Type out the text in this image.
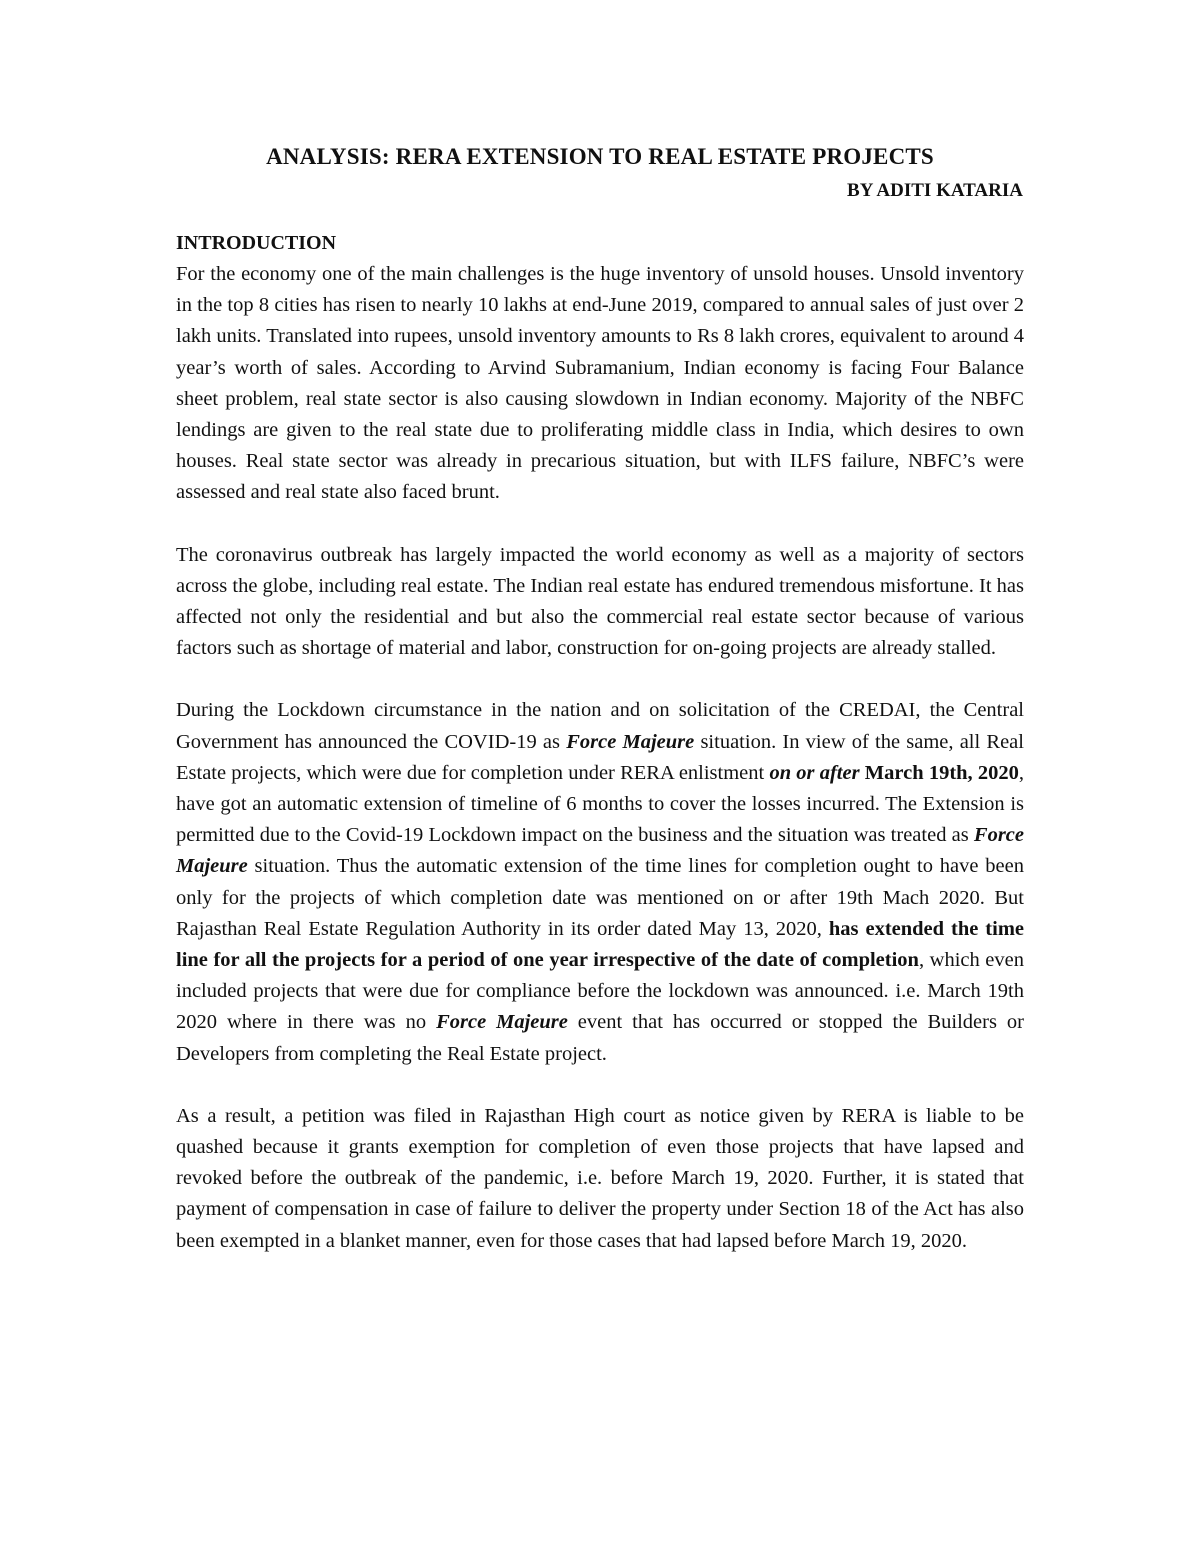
ANALYSIS: RERA EXTENSION TO REAL ESTATE PROJECTS
BY ADITI KATARIA
INTRODUCTION

For the economy one of the main challenges is the huge inventory of unsold houses. Unsold inventory in the top 8 cities has risen to nearly 10 lakhs at end-June 2019, compared to annual sales of just over 2 lakh units. Translated into rupees, unsold inventory amounts to Rs 8 lakh crores, equivalent to around 4 year’s worth of sales. According to Arvind Subramanium, Indian economy is facing Four Balance sheet problem, real state sector is also causing slowdown in Indian economy. Majority of the NBFC lendings are given to the real state due to proliferating middle class in India, which desires to own houses. Real state sector was already in precarious situation, but with ILFS failure, NBFC’s were assessed and real state also faced brunt.

The coronavirus outbreak has largely impacted the world economy as well as a majority of sectors across the globe, including real estate. The Indian real estate has endured tremendous misfortune. It has affected not only the residential and but also the commercial real estate sector because of various factors such as shortage of material and labor, construction for on-going projects are already stalled.

During the Lockdown circumstance in the nation and on solicitation of the CREDAI, the Central Government has announced the COVID-19 as Force Majeure situation. In view of the same, all Real Estate projects, which were due for completion under RERA enlistment on or after March 19th, 2020, have got an automatic extension of timeline of 6 months to cover the losses incurred. The Extension is permitted due to the Covid-19 Lockdown impact on the business and the situation was treated as Force Majeure situation. Thus the automatic extension of the time lines for completion ought to have been only for the projects of which completion date was mentioned on or after 19th Mach 2020. But Rajasthan Real Estate Regulation Authority in its order dated May 13, 2020, has extended the time line for all the projects for a period of one year irrespective of the date of completion, which even included projects that were due for compliance before the lockdown was announced. i.e. March 19th 2020 where in there was no Force Majeure event that has occurred or stopped the Builders or Developers from completing the Real Estate project.

As a result, a petition was filed in Rajasthan High court as notice given by RERA is liable to be quashed because it grants exemption for completion of even those projects that have lapsed and revoked before the outbreak of the pandemic, i.e. before March 19, 2020. Further, it is stated that payment of compensation in case of failure to deliver the property under Section 18 of the Act has also been exempted in a blanket manner, even for those cases that had lapsed before March 19, 2020.
